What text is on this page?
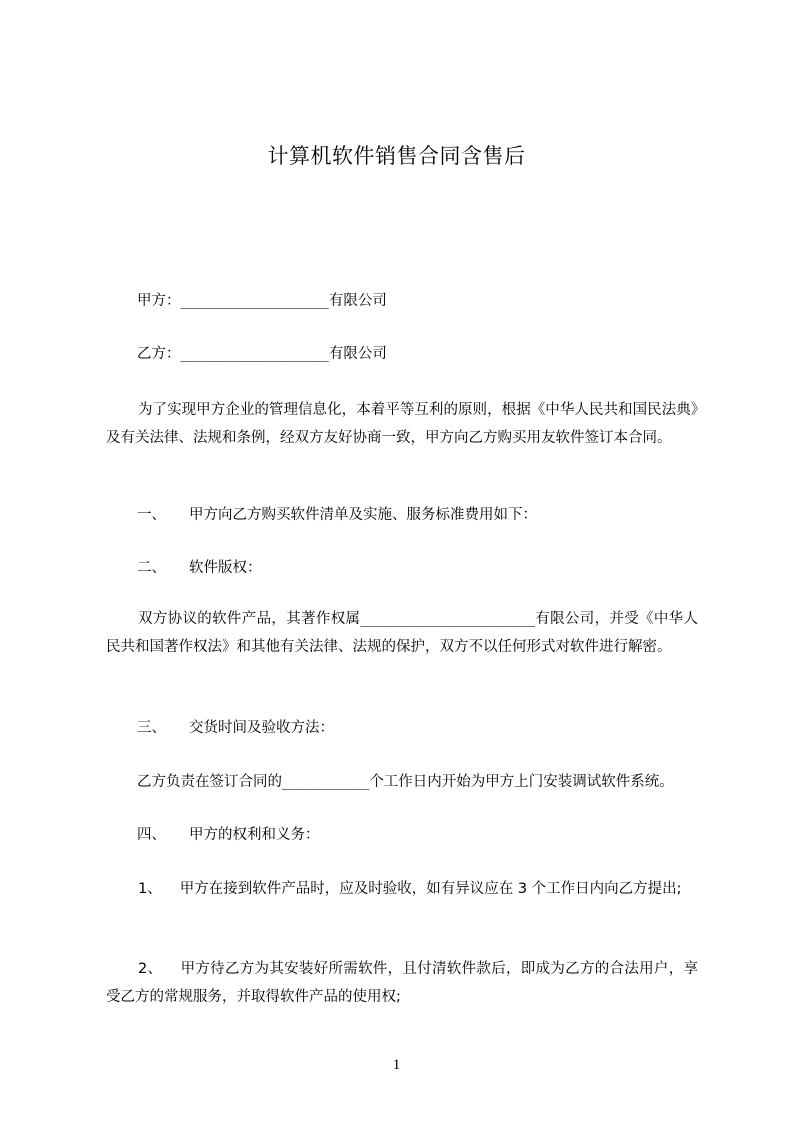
计算机软件销售合同含售后
甲方：_________________有限公司
乙方：_________________有限公司
为了实现甲方企业的管理信息化，本着平等互利的原则，根据《中华人民共和国民法典》及有关法律、法规和条例，经双方友好协商一致，甲方向乙方购买用友软件签订本合同。
一、 甲方向乙方购买软件清单及实施、服务标准费用如下：
二、 软件版权：
双方协议的软件产品，其著作权属____________________有限公司，并受《中华人民共和国著作权法》和其他有关法律、法规的保护，双方不以任何形式对软件进行解密。
三、 交货时间及验收方法：
乙方负责在签订合同的__________个工作日内开始为甲方上门安装调试软件系统。
四、 甲方的权利和义务：
1、 甲方在接到软件产品时，应及时验收，如有异议应在 3 个工作日内向乙方提出;
2、 甲方待乙方为其安装好所需软件，且付清软件款后，即成为乙方的合法用户，享受乙方的常规服务，并取得软件产品的使用权;
1
